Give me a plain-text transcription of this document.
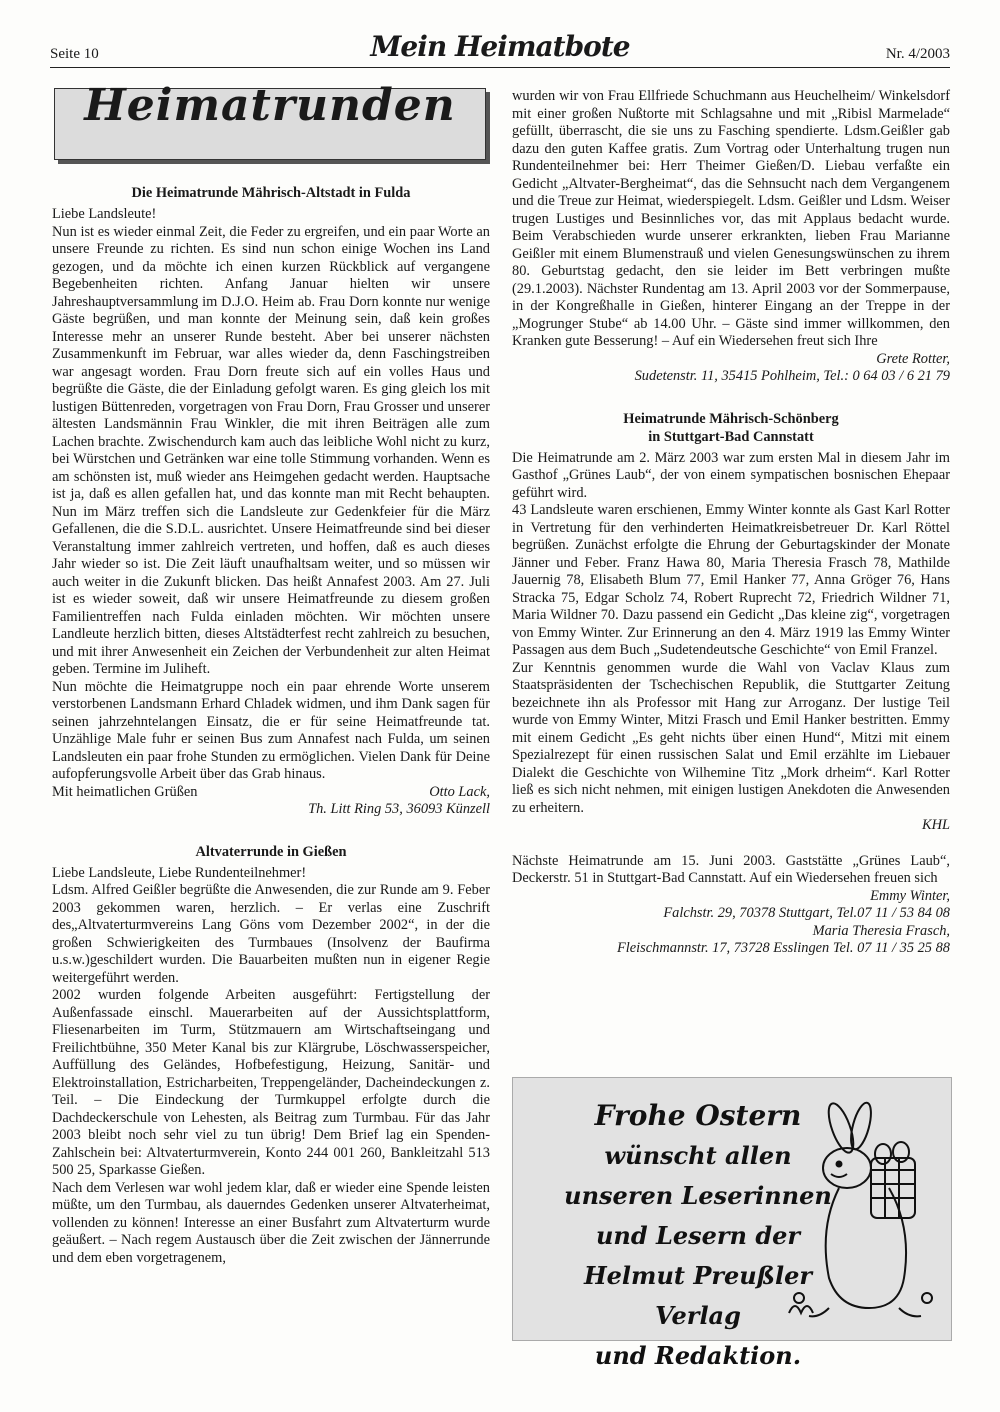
Seite 10	Mein Heimatbote	Nr. 4/2003
Heimatrunden
Die Heimatrunde Mährisch-Altstadt in Fulda

Liebe Landsleute!

Nun ist es wieder einmal Zeit, die Feder zu ergreifen, und ein paar Worte an unsere Freunde zu richten. Es sind nun schon einige Wochen ins Land gezogen, und da möchte ich einen kurzen Rückblick auf vergangene Begebenheiten richten. Anfang Januar hielten wir unsere Jahreshauptversammlung im D.J.O. Heim ab. Frau Dorn konnte nur wenige Gäste begrüßen, und man konnte der Meinung sein, daß kein großes Interesse mehr an unserer Runde besteht. Aber bei unserer nächsten Zusammenkunft im Februar, war alles wieder da, denn Faschingstreiben war angesagt worden. Frau Dorn freute sich auf ein volles Haus und begrüßte die Gäste, die der Einladung gefolgt waren. Es ging gleich los mit lustigen Büttenreden, vorgetragen von Frau Dorn, Frau Grosser und unserer ältesten Landsmännin Frau Winkler, die mit ihren Beiträgen alle zum Lachen brachte. Zwischendurch kam auch das leibliche Wohl nicht zu kurz, bei Würstchen und Getränken war eine tolle Stimmung vorhanden. Wenn es am schönsten ist, muß wieder ans Heimgehen gedacht werden. Hauptsache ist ja, daß es allen gefallen hat, und das konnte man mit Recht behaupten. Nun im März treffen sich die Landsleute zur Gedenkfeier für die März Gefallenen, die die S.D.L. ausrichtet. Unsere Heimatfreunde sind bei dieser Veranstaltung immer zahlreich vertreten, und hoffen, daß es auch dieses Jahr wieder so ist. Die Zeit läuft unaufhaltsam weiter, und so müssen wir auch weiter in die Zukunft blicken. Das heißt Annafest 2003. Am 27. Juli ist es wieder soweit, daß wir unsere Heimatfreunde zu diesem großen Familientreffen nach Fulda einladen möchten. Wir möchten unsere Landleute herzlich bitten, dieses Altstädterfest recht zahlreich zu besuchen, und mit ihrer Anwesenheit ein Zeichen der Verbundenheit zur alten Heimat geben. Termine im Juliheft.

Nun möchte die Heimatgruppe noch ein paar ehrende Worte unserem verstorbenen Landsmann Erhard Chladek widmen, und ihm Dank sagen für seinen jahrzehntelangen Einsatz, die er für seine Heimatfreunde tat. Unzählige Male fuhr er seinen Bus zum Annafest nach Fulda, um seinen Landsleuten ein paar frohe Stunden zu ermöglichen. Vielen Dank für Deine aufopferungsvolle Arbeit über das Grab hinaus.

Mit heimatlichen Grüßen	Otto Lack,

Th. Litt Ring 53, 36093 Künzell

Altvaterrunde in Gießen

Liebe Landsleute, Liebe Rundenteilnehmer!

Ldsm. Alfred Geißler begrüßte die Anwesenden, die zur Runde am 9. Feber 2003 gekommen waren, herzlich. – Er verlas eine Zuschrift des„Altvaterturmvereins Lang Göns vom Dezember 2002“, in der die großen Schwierigkeiten des Turmbaues (Insolvenz der Baufirma u.s.w.)geschildert wurden. Die Bauarbeiten mußten nun in eigener Regie weitergeführt werden.

2002 wurden folgende Arbeiten ausgeführt: Fertigstellung der Außenfassade einschl. Mauerarbeiten auf der Aussichtsplattform, Fliesenarbeiten im Turm, Stützmauern am Wirtschaftseingang und Freilichtbühne, 350 Meter Kanal bis zur Klärgrube, Löschwasserspeicher, Auffüllung des Geländes, Hofbefestigung, Heizung, Sanitär- und Elektroinstallation, Estricharbeiten, Treppengeländer, Dacheindeckungen z. Teil. – Die Eindeckung der Turmkuppel erfolgte durch die Dachdeckerschule von Lehesten, als Beitrag zum Turmbau. Für das Jahr 2003 bleibt noch sehr viel zu tun übrig! Dem Brief lag ein Spenden-Zahlschein bei: Altvaterturmverein, Konto 244 001 260, Bankleitzahl 513 500 25, Sparkasse Gießen.

Nach dem Verlesen war wohl jedem klar, daß er wieder eine Spende leisten müßte, um den Turmbau, als dauerndes Gedenken unserer Altvaterheimat, vollenden zu können! Interesse an einer Busfahrt zum Altvaterturm wurde geäußert. – Nach regem Austausch über die Zeit zwischen der Jännerrunde und dem eben vorgetragenem,

wurden wir von Frau Ellfriede Schuchmann aus Heuchelheim/ Winkelsdorf mit einer großen Nußtorte mit Schlagsahne und mit „Ribisl Marmelade“ gefüllt, überrascht, die sie uns zu Fasching spendierte. Ldsm.Geißler gab dazu den guten Kaffee gratis. Zum Vortrag oder Unterhaltung trugen nun Rundenteilnehmer bei: Herr Theimer Gießen/D. Liebau verfaßte ein Gedicht „Altvater-Bergheimat“, das die Sehnsucht nach dem Vergangenem und die Treue zur Heimat, wiederspiegelt. Ldsm. Geißler und Ldsm. Weiser trugen Lustiges und Besinnliches vor, das mit Applaus bedacht wurde. Beim Verabschieden wurde unserer erkrankten, lieben Frau Marianne Geißler mit einem Blumenstrauß und vielen Genesungswünschen zu ihrem 80. Geburtstag gedacht, den sie leider im Bett verbringen mußte (29.1.2003). Nächster Rundentag am 13. April 2003 vor der Sommerpause, in der Kongreßhalle in Gießen, hinterer Eingang an der Treppe in der „Mogrunger Stube“ ab 14.00 Uhr. – Gäste sind immer willkommen, den Kranken gute Besserung! – Auf ein Wiedersehen freut sich Ihre

Grete Rotter,

Sudetenstr. 11, 35415 Pohlheim, Tel.: 0 64 03 / 6 21 79

Heimatrunde Mährisch-Schönberg
in Stuttgart-Bad Cannstatt

Die Heimatrunde am 2. März 2003 war zum ersten Mal in diesem Jahr im Gasthof „Grünes Laub“, der von einem sympatischen bosnischen Ehepaar geführt wird.

43 Landsleute waren erschienen, Emmy Winter konnte als Gast Karl Rotter in Vertretung für den verhinderten Heimatkreisbetreuer Dr. Karl Röttel begrüßen. Zunächst erfolgte die Ehrung der Geburtagskinder der Monate Jänner und Feber. Franz Hawa 80, Maria Theresia Frasch 78, Mathilde Jauernig 78, Elisabeth Blum 77, Emil Hanker 77, Anna Gröger 76, Hans Stracka 75, Edgar Scholz 74, Robert Ruprecht 72, Friedrich Wildner 71, Maria Wildner 70. Dazu passend ein Gedicht „Das kleine zig“, vorgetragen von Emmy Winter. Zur Erinnerung an den 4. März 1919 las Emmy Winter Passagen aus dem Buch „Sudetendeutsche Geschichte“ von Emil Franzel.

Zur Kenntnis genommen wurde die Wahl von Vaclav Klaus zum Staatspräsidenten der Tschechischen Republik, die Stuttgarter Zeitung bezeichnete ihn als Professor mit Hang zur Arroganz. Der lustige Teil wurde von Emmy Winter, Mitzi Frasch und Emil Hanker bestritten. Emmy mit einem Gedicht „Es geht nichts über einen Hund“, Mitzi mit einem Spezialrezept für einen russischen Salat und Emil erzählte im Liebauer Dialekt die Geschichte von Wilhemine Titz „Mork drheim“. Karl Rotter ließ es sich nicht nehmen, mit einigen lustigen Anekdoten die Anwesenden zu erheitern.

KHL

Nächste Heimatrunde am 15. Juni 2003. Gaststätte „Grünes Laub“, Deckerstr. 51 in Stuttgart-Bad Cannstatt. Auf ein Wiedersehen freuen sich

Emmy Winter,

Falchstr. 29, 70378 Stuttgart, Tel.07 11 / 53 84 08

Maria Theresia Frasch,

Fleischmannstr. 17, 73728 Esslingen Tel. 07 11 / 35 25 88

Frohe Ostern
wünscht allen
unseren Leserinnen
und Lesern der
Helmut Preußler Verlag
und Redaktion.
